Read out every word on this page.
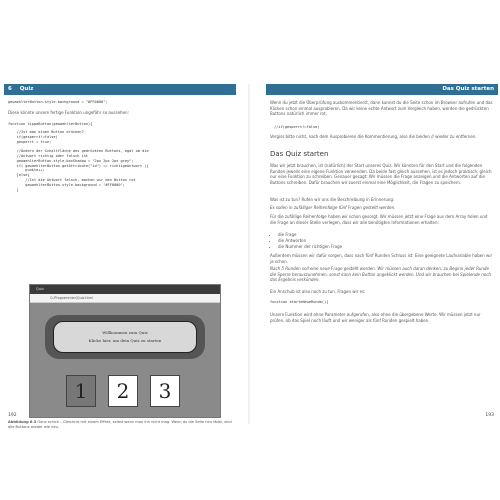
6 Quiz
gewaehlterButton.style.background = "#FF0000";
Diese könnte unsere fertige Funktion ungefähr so aussehen:
function tippeButton(gewaehlterButton){
//Ist man einen Button drücken?
if(gesperrt!=false)
gesperrt = true;

//Ändern der Schaltfläche des gedrückten Buttons, egal ob die
//Antwort richtig oder falsch ist
gewaehlterButton.style.boxShadow = "2px 2px 2px grey";
if( gewaehlterButton.getAttribute("id") == richtigeAntwort ){
punkte++;
}else{
//Ist die Antwort falsch, machen wir den Button rot
gewaehlterButton.style.background = "#FF0000";
}
Quiz
C:/Programmier/Quiz.html
Willkommen zum Quiz
Klicke hier, um dein Quiz zu starten
1	2	3
Abbildung 6.3 Ganz schick – Gleichnis mit einem Effekt, selbst wenn man ihn nicht mag. Wenn du die Seite neu lädst, sind alle Buttons wieder wie neu.
192
Das Quiz starten
Wenn du jetzt die Überprüfung auskommentierst, dann kannst du die Seite schon im Browser aufrufen und das Klicken schon einmal ausprobieren. Da wir keine echte Antwort zum Vergleich haben, werden die gedrückten Buttons natürlich immer rot.
//if(gesperrt!=false)
Vergiss bitte nicht, nach dem Ausprobieren die Kommentierung, also die beiden // wieder zu entfernen.
Das Quiz starten
Was wir jetzt brauchen, ist (natürlich) der Start unseres Quiz. Wir könnten für den Start und die folgenden Runden jeweils eine eigene Funktion verwenden. Da beide fast gleich aussehen, ist es jedoch praktisch, gleich nur eine Funktion zu schreiben. Genauer gesagt: Wir müssen die Frage anzeigen und die Antworten auf die Buttons schreiben. Dafür brauchen wir zuerst einmal eine Möglichkeit, die Fragen zu speichern.
Was ist zu tun? Rufen wir uns die Beschreibung in Erinnerung:
Es sollen in zufälliger Reihenfolge fünf Fragen gestellt werden.
Für die zufällige Reihenfolge haben wir schon gesorgt. Wir müssen jetzt eine Frage aus dem Array holen und die Frage an dieser Stelle verlegen, dass wir alle benötigten Informationen erhalten:
• die Frage
• die Antworten
• die Nummer der richtigen Frage
Außerdem müssen wir dafür sorgen, dass nach fünf Runden Schluss ist. Eine geeignete Laufvariable haben wir ja schon.
Nach 5 Runden soll eine neue Frage gestellt werden. Wir müssen auch daran denken, zu Beginn jeder Runde die Sperre herauszunehmen, sonst kann kein Button angeklickt werden. Und wir brauchen bei Spielende noch das Ergebnis verkünden.
Ein Anschub ist also noch zu tun. Fragen wir es:
function starteNeueRunde(){
Unsere Funktion wird ohne Parameter aufgerufen, also ohne die übergebene Werte. Wir müssen jetzt nur prüfen, ob das Spiel noch läuft und wir weniger als fünf Runden gespielt haben.
193
